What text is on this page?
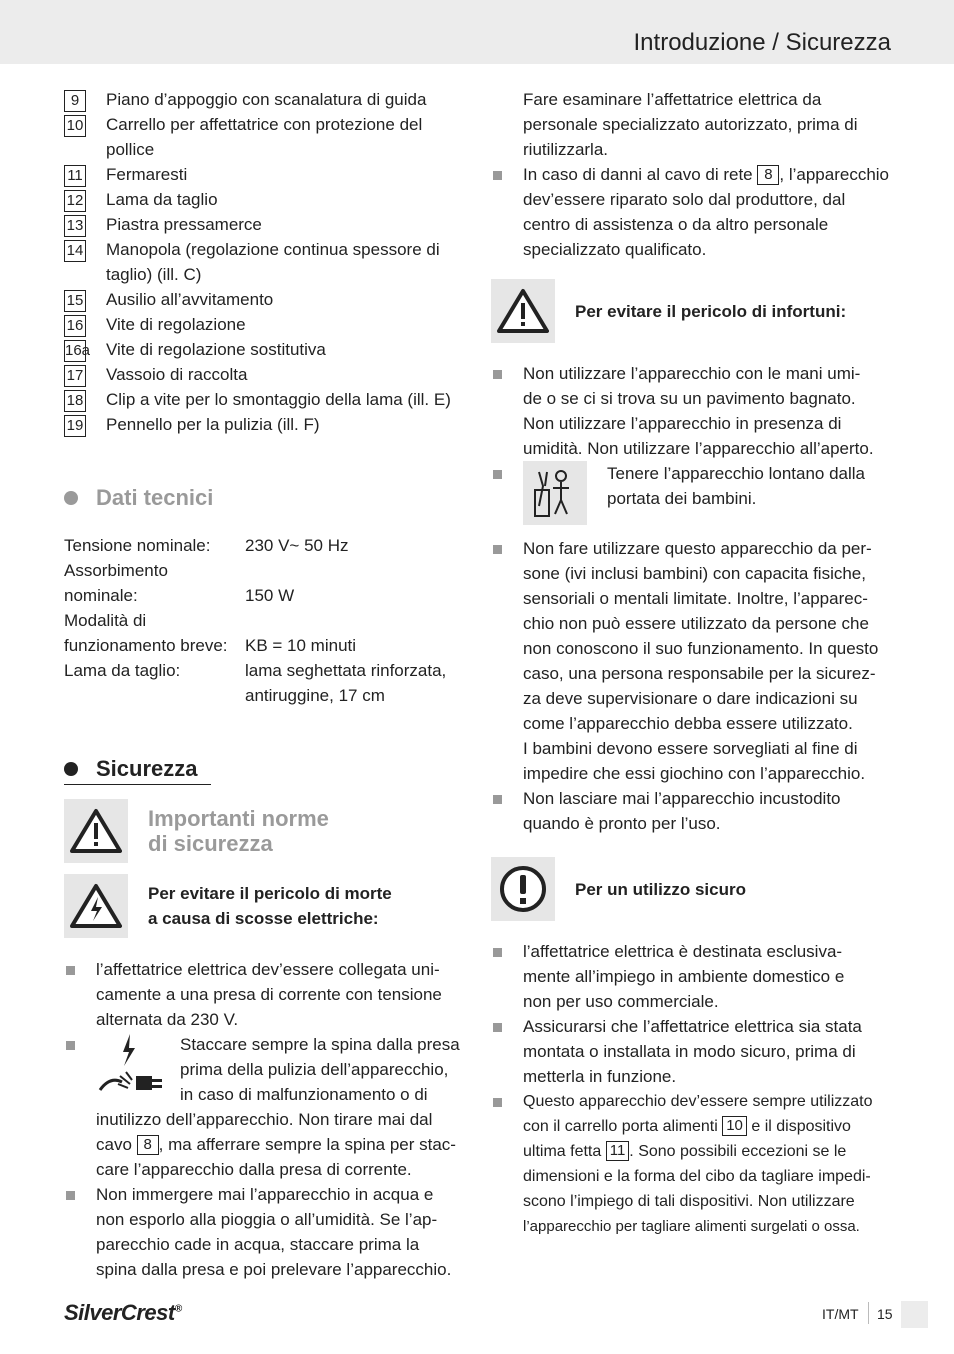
Introduzione / Sicurezza
9	Piano d’appoggio con scanalatura di guida
10	Carrello per affettatrice con protezione del pollice
11	Fermaresti
12	Lama da taglio
13	Piastra pressamerce
14	Manopola (regolazione continua spessore di taglio) (ill. C)
15	Ausilio all’avvitamento
16	Vite di regolazione
16a Vite di regolazione sostitutiva
17	Vassoio di raccolta
18	Clip a vite per lo smontaggio della lama (ill. E)
19	Pennello per la pulizia (ill. F)
Dati tecnici
Tensione nominale:	230 V~ 50 Hz
Assorbimento
nominale:	150 W
Modalità di
funzionamento breve:	KB = 10 minuti
Lama da taglio:	lama seghettata rinforzata,
antiruggine, 17 cm
Sicurezza
Importanti norme
di sicurezza
Per evitare il pericolo di morte
a causa di scosse elettriche:
l’affettatrice elettrica dev’essere collegata uni-
camente a una presa di corrente con tensione
alternata da 230 V.
Staccare sempre la spina dalla presa
prima della pulizia dell’apparecchio,
in caso di malfunzionamento o di
inutilizzo dell’apparecchio. Non tirare mai dal
cavo 8 , ma afferrare sempre la spina per stac-
care l’apparecchio dalla presa di corrente.
Non immergere mai l’apparecchio in acqua e
non esporlo alla pioggia o all’umidità. Se l’ap-
parecchio cade in acqua, staccare prima la
spina dalla presa e poi prelevare l’apparecchio.
Fare esaminare l’affettatrice elettrica da
personale specializzato autorizzato, prima di
riutilizzarla.
In caso di danni al cavo di rete 8 , l’apparecchio
dev’essere riparato solo dal produttore, dal
centro di assistenza o da altro personale
specializzato qualificato.
Per evitare il pericolo di infortuni:
Non utilizzare l’apparecchio con le mani umi-
de o se ci si trova su un pavimento bagnato.
Non utilizzare l’apparecchio in presenza di
umidità. Non utilizzare l’apparecchio all’aperto.
Tenere l’apparecchio lontano dalla
portata dei bambini.
Non fare utilizzare questo apparecchio da per-
sone (ivi inclusi bambini) con capacita fisiche,
sensoriali o mentali limitate. Inoltre, l’apparec-
chio non può essere utilizzato da persone che
non conoscono il suo funzionamento. In questo
caso, una persona responsabile per la sicurez-
za deve supervisionare o dare indicazioni su
come l’apparecchio debba essere utilizzato.
I bambini devono essere sorvegliati al fine di
impedire che essi giochino con l’apparecchio.
Non lasciare mai l’apparecchio incustodito
quando è pronto per l’uso.
Per un utilizzo sicuro
l’affettatrice elettrica è destinata esclusiva-
mente all’impiego in ambiente domestico e
non per uso commerciale.
Assicurarsi che l’affettatrice elettrica sia stata
montata o installata in modo sicuro, prima di
metterla in funzione.
Questo apparecchio dev’essere sempre utilizzato
con il carrello porta alimenti 10 e il dispositivo
ultima fetta 11 . Sono possibili eccezioni se le
dimensioni e la forma del cibo da tagliare impedi-
scono l’impiego di tali dispositivi. Non utilizzare
l’apparecchio per tagliare alimenti surgelati o ossa.
SilverCrest®	IT/MT 15
